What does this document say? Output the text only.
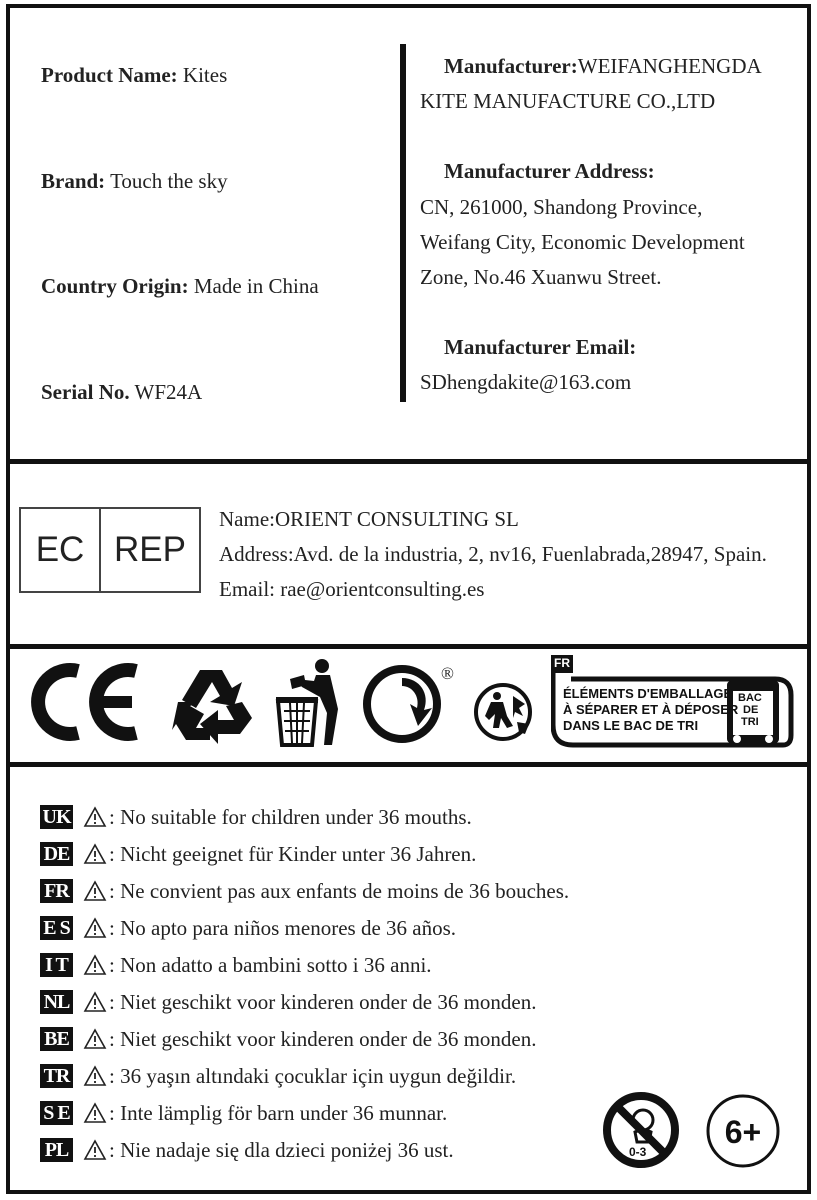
Product Name: Kites
Brand: Touch the sky
Country Origin: Made in China
Serial No. WF24A
Manufacturer:WEIFANGHENGDA
KITE MANUFACTURE CO.,LTD
Manufacturer Address:
CN, 261000, Shandong Province,
Weifang City, Economic Development
Zone, No.46 Xuanwu Street.
Manufacturer Email:
SDhengdakite@163.com
EC REP
Name:ORIENT CONSULTING SL
Address:Avd. de la industria, 2, nv16, Fuenlabrada,28947, Spain.
Email: rae@orientconsulting.es
®
FR
ÉLÉMENTS D'EMBALLAGE
À SÉPARER ET À DÉPOSER
DANS LE BAC DE TRI
BAC
DE
TRI
UK : No suitable for children under 36 mouths.
DE : Nicht geeignet für Kinder unter 36 Jahren.
FR : Ne convient pas aux enfants de moins de 36 bouches.
E S : No apto para niños menores de 36 años.
I T : Non adatto a bambini sotto i 36 anni.
NL : Niet geschikt voor kinderen onder de 36 monden.
BE : Niet geschikt voor kinderen onder de 36 monden.
TR : 36 yaşın altındaki çocuklar için uygun değildir.
S E : Inte lämplig för barn under 36 munnar.
PL : Nie nadaje się dla dzieci poniżej 36 ust.	0-3
6+
